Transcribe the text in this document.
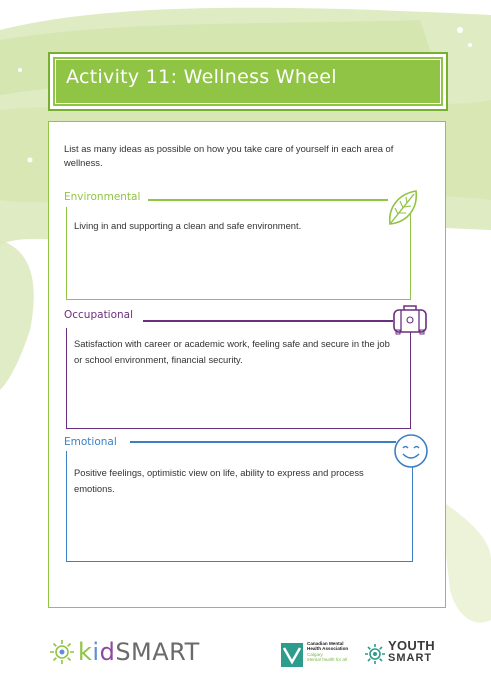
Activity 11: Wellness Wheel
List as many ideas as possible on how you take care of yourself in each area of wellness.
Environmental
Living in and supporting a clean and safe environment.
Occupational
Satisfaction with career or academic work, feeling safe and secure in the job or school environment, financial security.
Emotional
Positive feelings, optimistic view on life, ability to express and process emotions.
kidSMART	Canadian Mental
Health Association
Calgary
Mental health for all
YOUTH
SMART
